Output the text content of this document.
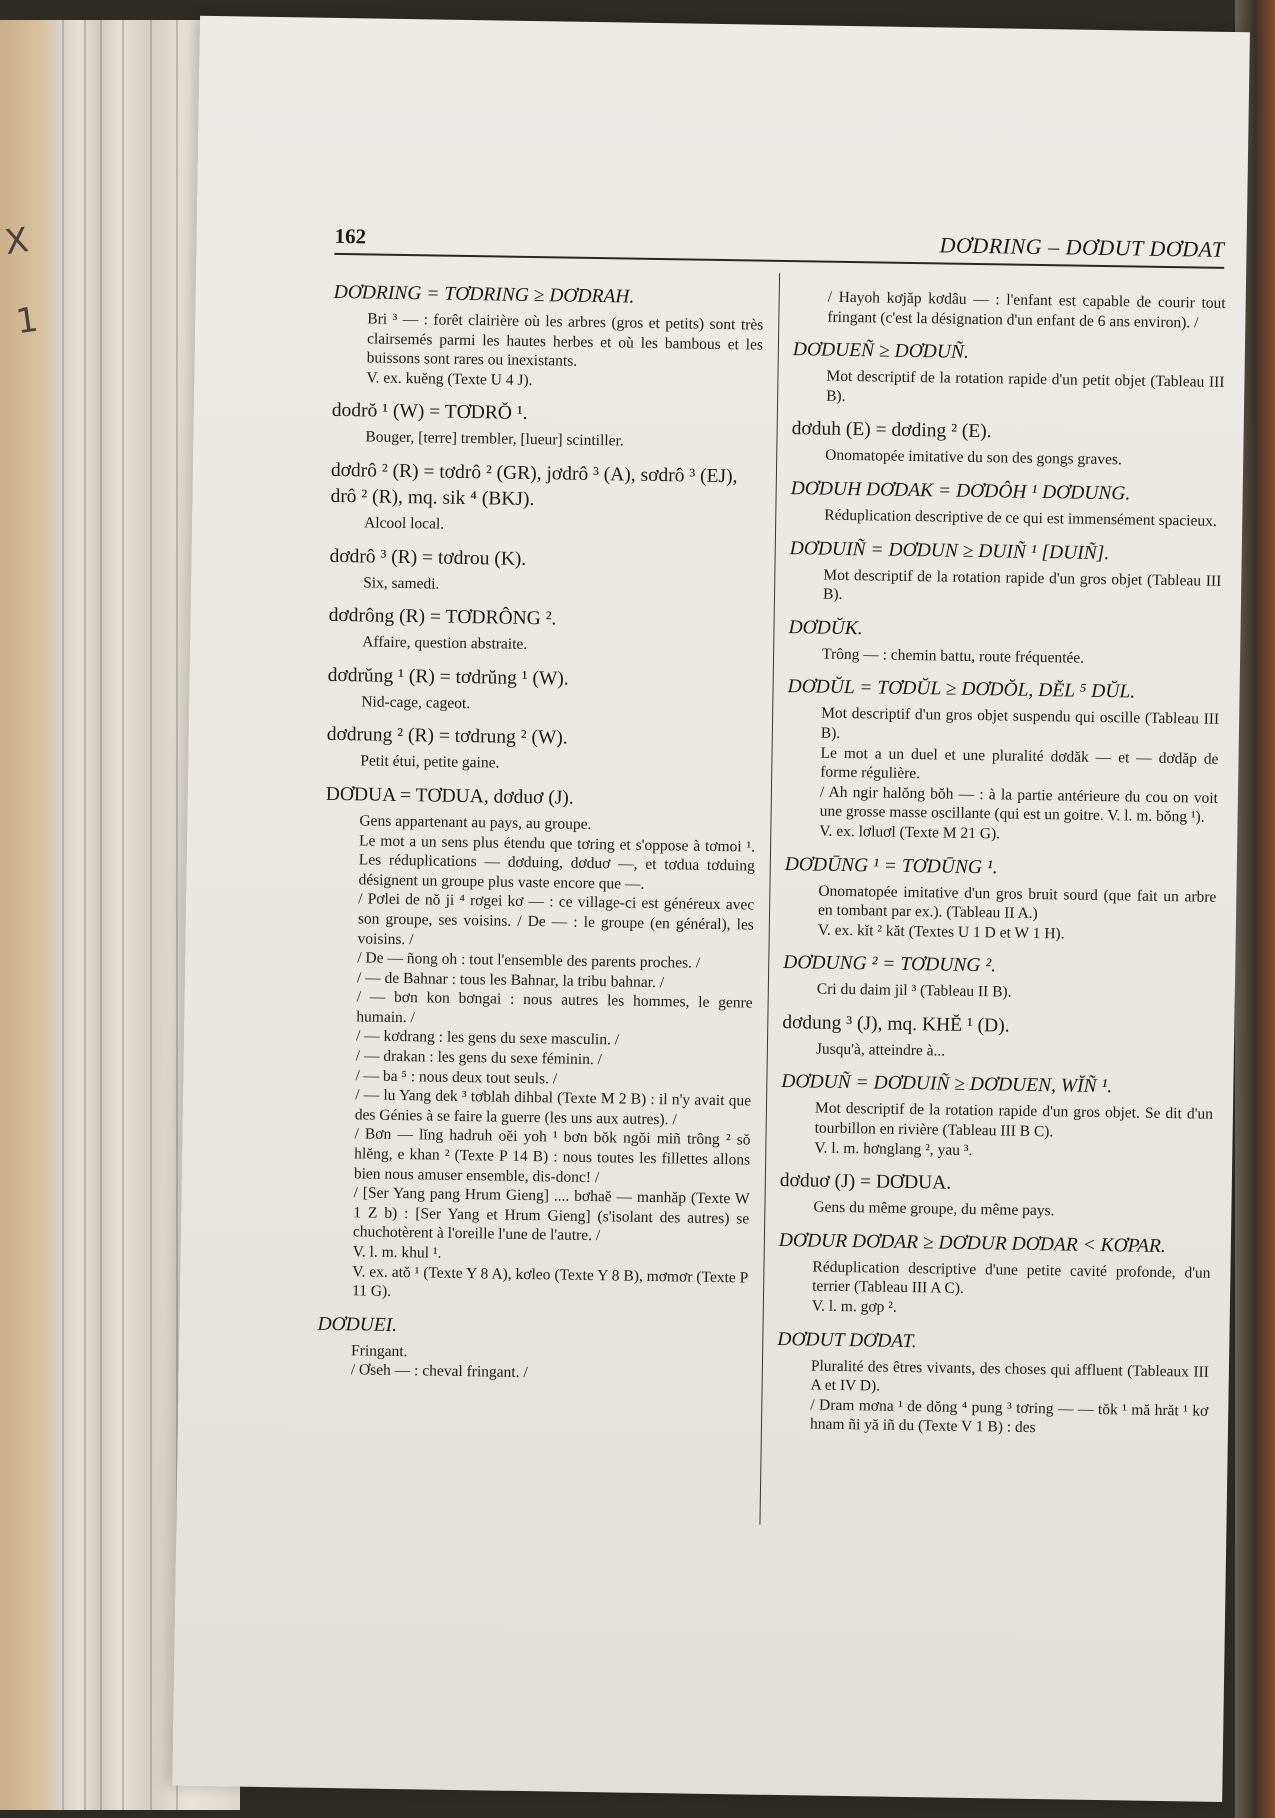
X 1
162	DƠDRING – DƠDUT DƠDAT
DƠDRING = TƠDRING ≥ DƠDRAH.

Bri ³ — : forêt clairière où les arbres (gros et petits) sont très clairsemés parmi les hautes herbes et où les bambous et les buissons sont rares ou inexistants.

V. ex. kuĕng (Texte U 4 J).

dodrŏ ¹ (W) = TƠDRŎ ¹.

Bouger, [terre] trembler, [lueur] scintiller.

dơdrô ² (R) = tơdrô ² (GR), jơdrô ³ (A), sơdrô ³ (EJ), drô ² (R), mq. sik ⁴ (BKJ).

Alcool local.

dơdrô ³ (R) = tơdrou (K).

Six, samedi.

dơdrông (R) = TƠDRÔNG ².

Affaire, question abstraite.

dơdrŭng ¹ (R) = tơdrŭng ¹ (W).

Nid-cage, cageot.

dơdrung ² (R) = tơdrung ² (W).

Petit étui, petite gaine.

DƠDUA = TƠDUA, dơduơ (J).

Gens appartenant au pays, au groupe.

Le mot a un sens plus étendu que tơring et s'oppose à tơmoi ¹. Les réduplications — dơduing, dơduơ —, et tơdua tơduing désignent un groupe plus vaste encore que —.

/ Pơlei de nŏ ji ⁴ rơgei kơ — : ce village-ci est généreux avec son groupe, ses voisins. / De — : le groupe (en général), les voisins. /

/ De — ñong oh : tout l'ensemble des parents proches. /

/ — de Bahnar : tous les Bahnar, la tribu bahnar. /

/ — bơn kon bơngai : nous autres les hommes, le genre humain. /

/ — kơdrang : les gens du sexe masculin. /

/ — drakan : les gens du sexe féminin. /

/ — ba ⁵ : nous deux tout seuls. /

/ — lu Yang dek ³ tơblah dihbal (Texte M 2 B) : il n'y avait que des Génies à se faire la guerre (les uns aux autres). /

/ Bơn — lĭng hadruh oĕi yoh ¹ bơn bŏk ngŏi miñ trông ² sŏ hlĕng, e khan ² (Texte P 14 B) : nous toutes les fillettes allons bien nous amuser ensemble, dis-donc! /

/ [Ser Yang pang Hrum Gieng] .... bơhaĕ — manhăp (Texte W 1 Z b) : [Ser Yang et Hrum Gieng] (s'isolant des autres) se chuchotèrent à l'oreille l'une de l'autre. /

V. l. m. khul ¹.

V. ex. atŏ ¹ (Texte Y 8 A), kơleo (Texte Y 8 B), mơmơr (Texte P 11 G).

DƠDUEI.

Fringant.

/ Ơseh — : cheval fringant. /

/ Hayoh kơjăp kơdâu — : l'enfant est capable de courir tout fringant (c'est la désignation d'un enfant de 6 ans environ). /

DƠDUEÑ ≥ DƠDUÑ.

Mot descriptif de la rotation rapide d'un petit objet (Tableau III B).

dơduh (E) = dơding ² (E).

Onomatopée imitative du son des gongs graves.

DƠDUH DƠDAK = DƠDÔH ¹ DƠDUNG.

Réduplication descriptive de ce qui est immensément spacieux.

DƠDUIÑ = DƠDUN ≥ DUIÑ ¹ [DUIÑ].

Mot descriptif de la rotation rapide d'un gros objet (Tableau III B).

DƠDŬK.

Trông — : chemin battu, route fréquentée.

DƠDŬL = TƠDŬL ≥ DƠDŎL, DĔL ⁵ DŬL.

Mot descriptif d'un gros objet suspendu qui oscille (Tableau III B).

Le mot a un duel et une pluralité dơdăk — et — dơdăp de forme régulière.

/ Ah ngir halŏng bŏh — : à la partie antérieure du cou on voit une grosse masse oscillante (qui est un goitre. V. l. m. bŏng ¹).

V. ex. lơluơl (Texte M 21 G).

DƠDŪNG ¹ = TƠDŪNG ¹.

Onomatopée imitative d'un gros bruit sourd (que fait un arbre en tombant par ex.). (Tableau II A.)

V. ex. kĭt ² kăt (Textes U 1 D et W 1 H).

DƠDUNG ² = TƠDUNG ².

Cri du daim jil ³ (Tableau II B).

dơdung ³ (J), mq. KHĔ ¹ (D).

Jusqu'à, atteindre à...

DƠDUÑ = DƠDUIÑ ≥ DƠDUEN, WĬÑ ¹.

Mot descriptif de la rotation rapide d'un gros objet. Se dit d'un tourbillon en rivière (Tableau III B C).

V. l. m. hơnglang ², yau ³.

dơduơ (J) = DƠDUA.

Gens du même groupe, du même pays.

DƠDUR DƠDAR ≥ DƠDUR DƠDAR < KƠPAR.

Réduplication descriptive d'une petite cavité profonde, d'un terrier (Tableau III A C).

V. l. m. gơp ².

DƠDUT DƠDAT.

Pluralité des êtres vivants, des choses qui affluent (Tableaux III A et IV D).

/ Dram mơna ¹ de dŏng ⁴ pung ³ tơring — — tŏk ¹ mă hrăt ¹ kơ hnam ñi yă iñ du (Texte V 1 B) : des
